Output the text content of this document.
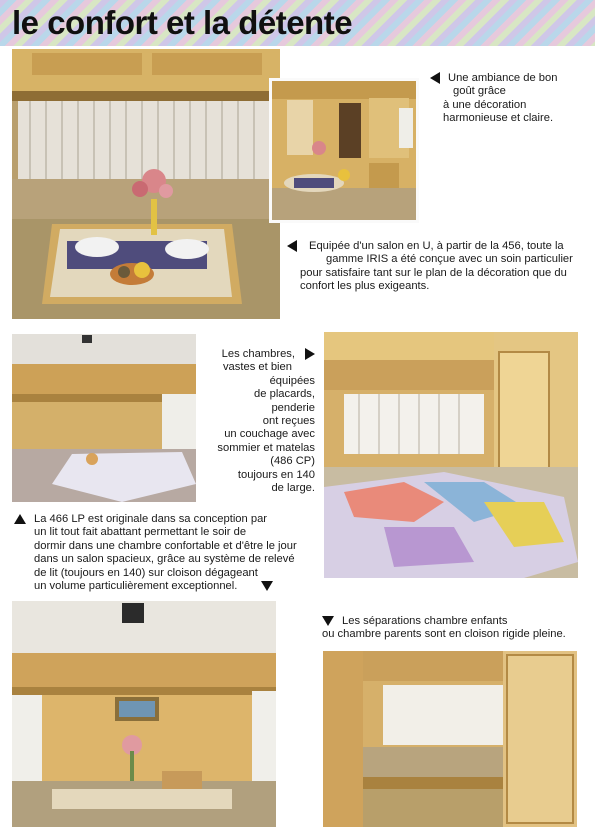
le confort et la détente
Une ambiance de bon
goût grâce
à une décoration
harmonieuse et claire.
Equipée d'un salon en U, à partir de la 456, toute la
gamme IRIS a été conçue avec un soin particulier
pour satisfaire tant sur le plan de la décoration que du
confort les plus exigeants.
Les chambres,
vastes et bien
équipées
de placards,
penderie
ont reçues
un couchage avec
sommier et matelas
(486 CP)
toujours en 140
de large.
La 466 LP est originale dans sa conception par
un lit tout fait abattant permettant le soir de
dormir dans une chambre confortable et d'être le jour
dans un salon spacieux, grâce au système de relevé
de lit (toujours en 140) sur cloison dégageant
un volume particulièrement exceptionnel.
Les séparations chambre enfants
ou chambre parents sont en cloison rigide pleine.
